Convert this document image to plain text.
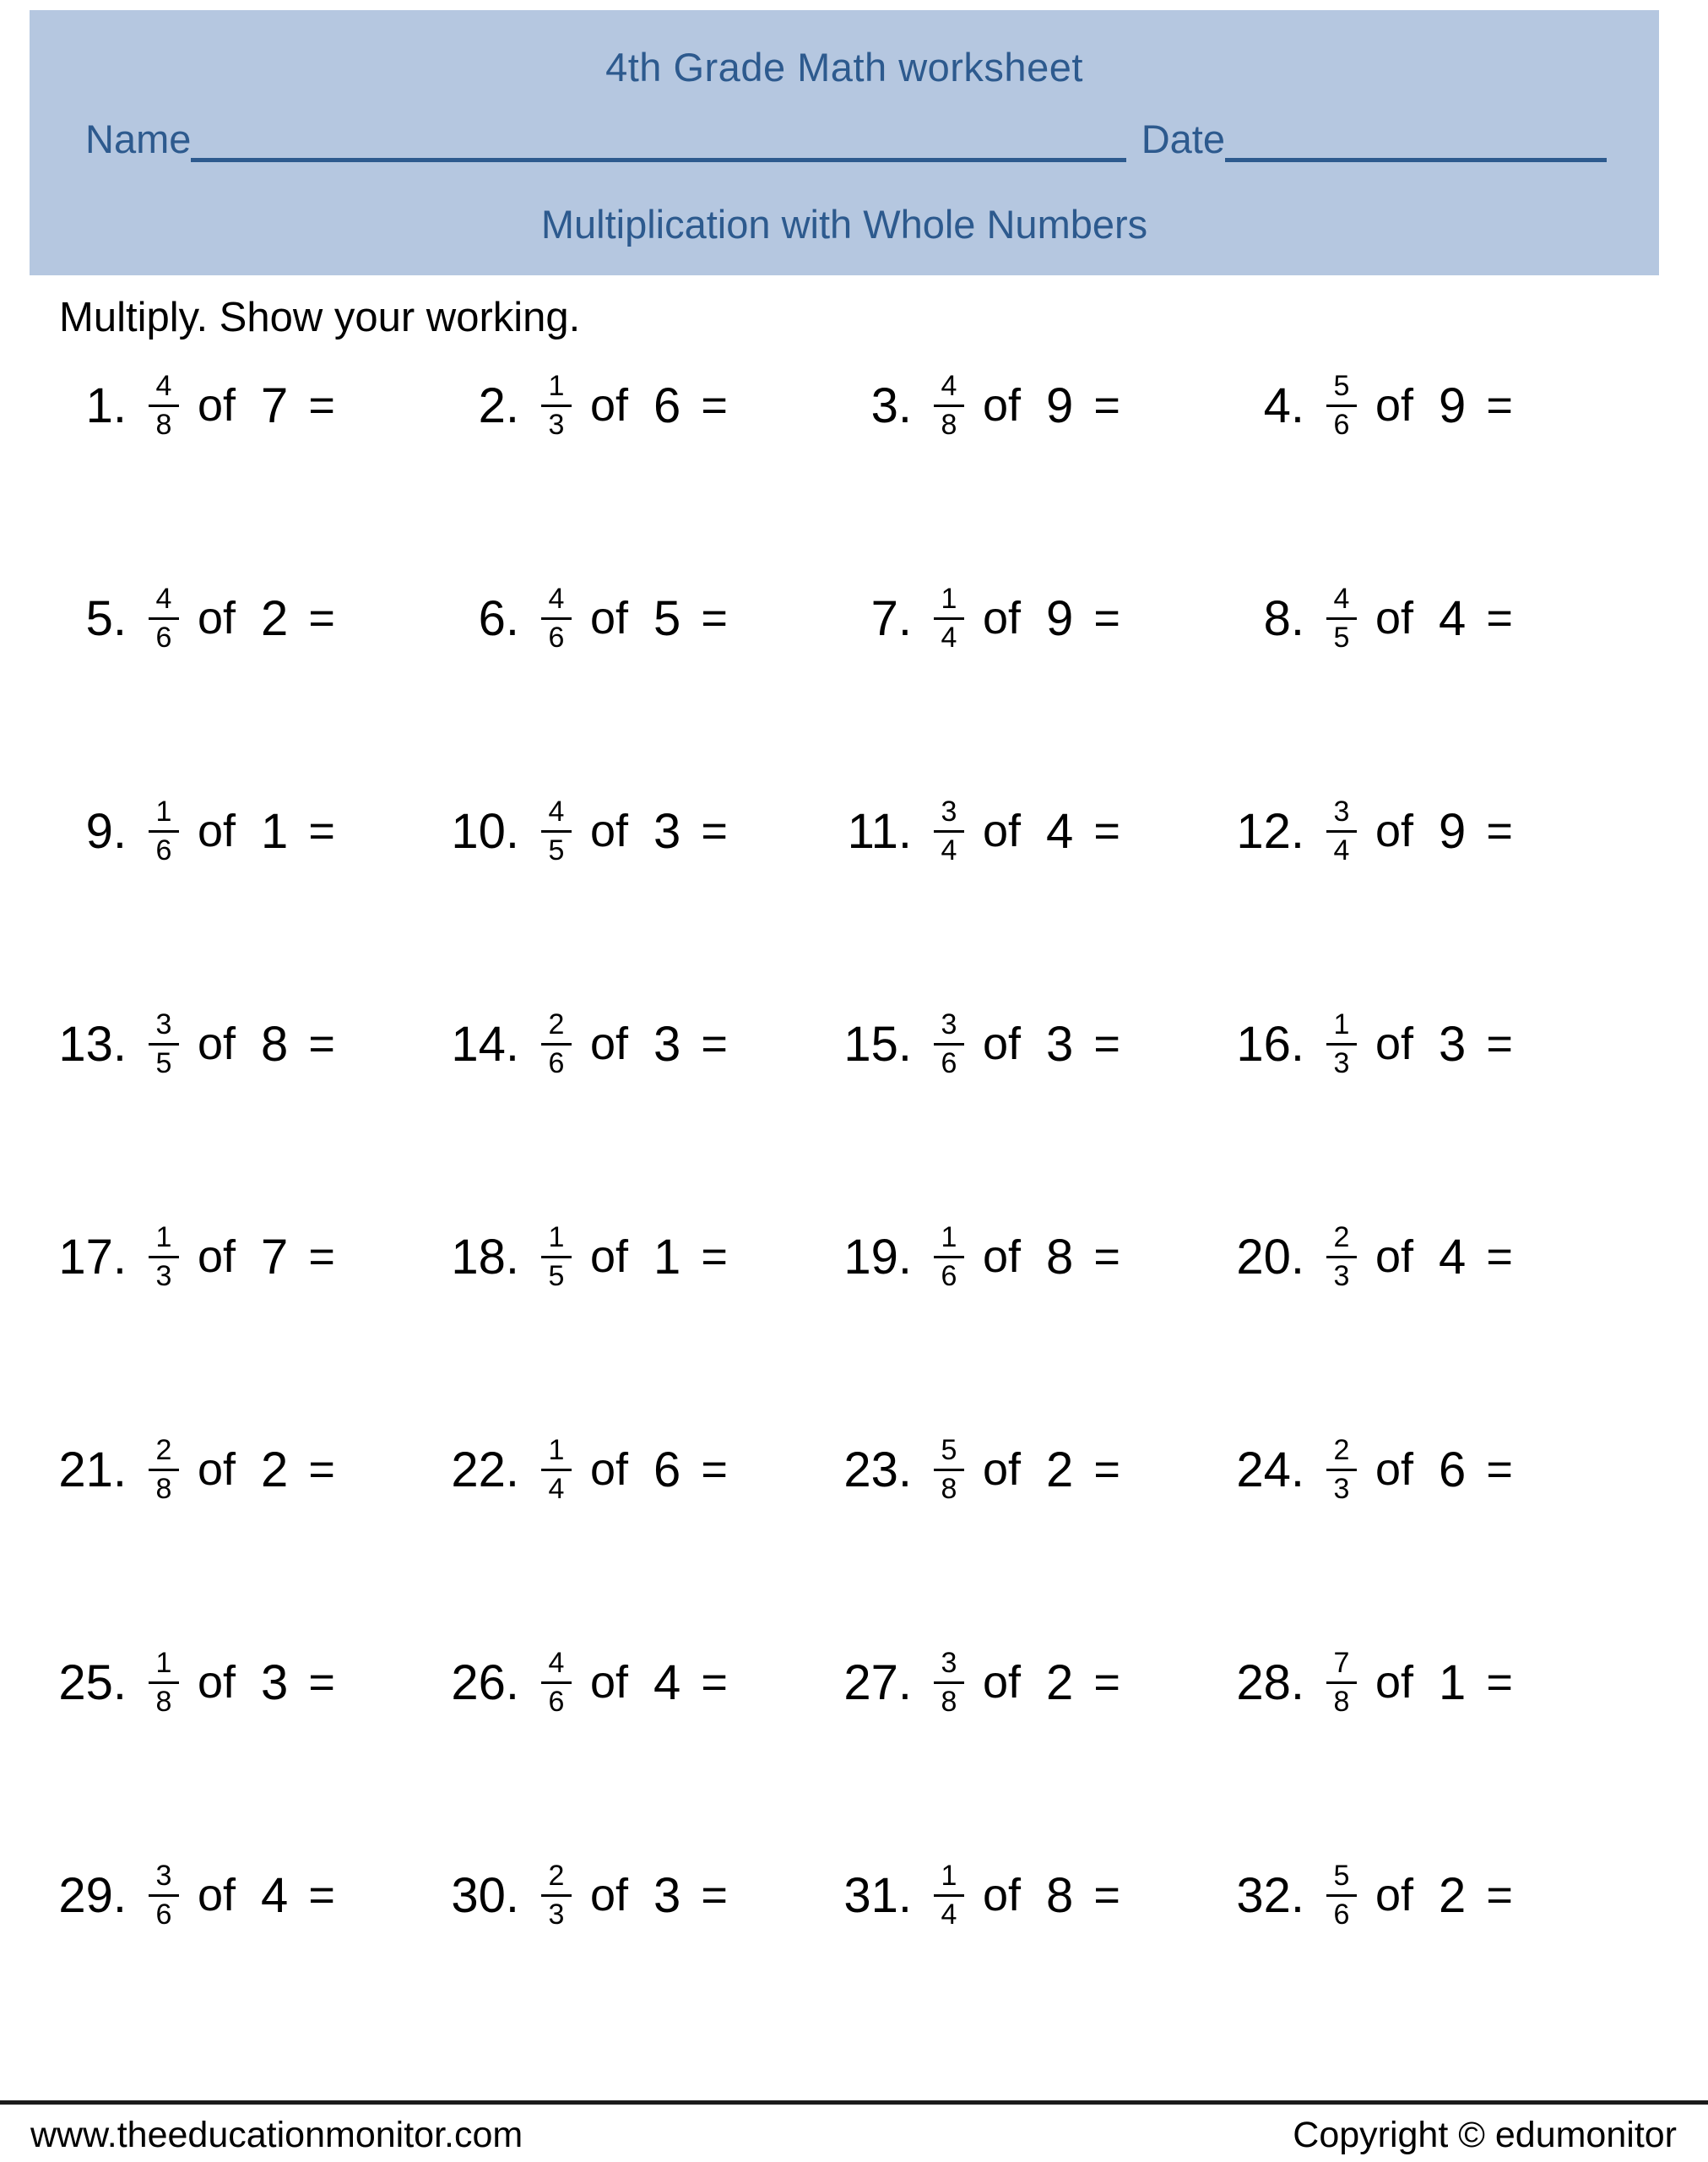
4th Grade Math worksheet
Name	Date
Multiplication with Whole Numbers
Multiply. Show your working.
1. $\frac{4}{8}$ of 7 =	2. $\frac{1}{3}$ of 6 =	3. $\frac{4}{8}$ of 9 =	4. $\frac{5}{6}$ of 9 =
5. $\frac{4}{6}$ of 2 =	6. $\frac{4}{6}$ of 5 =	7. $\frac{1}{4}$ of 9 =	8. $\frac{4}{5}$ of 4 =
9. $\frac{1}{6}$ of 1 = 10. $\frac{4}{5}$ of 3 = 11. $\frac{3}{4}$ of 4 = 12. $\frac{3}{4}$ of 9 =
13. $\frac{3}{5}$ of 8 = 14. $\frac{2}{6}$ of 3 = 15. $\frac{3}{6}$ of 3 = 16. $\frac{1}{3}$ of 3 =
17. $\frac{1}{3}$ of 7 = 18. $\frac{1}{5}$ of 1 = 19. $\frac{1}{6}$ of 8 = 20. $\frac{2}{3}$ of 4 =
21. $\frac{2}{8}$ of 2 = 22. $\frac{1}{4}$ of 6 = 23. $\frac{5}{8}$ of 2 = 24. $\frac{2}{3}$ of 6 =
25. $\frac{1}{8}$ of 3 = 26. $\frac{4}{6}$ of 4 = 27. $\frac{3}{8}$ of 2 = 28. $\frac{7}{8}$ of 1 =
29. $\frac{3}{6}$ of 4 = 30. $\frac{2}{3}$ of 3 = 31. $\frac{1}{4}$ of 8 = 32. $\frac{5}{6}$ of 2 =
www.theeducationmonitor.com	Copyright © edumonitor
